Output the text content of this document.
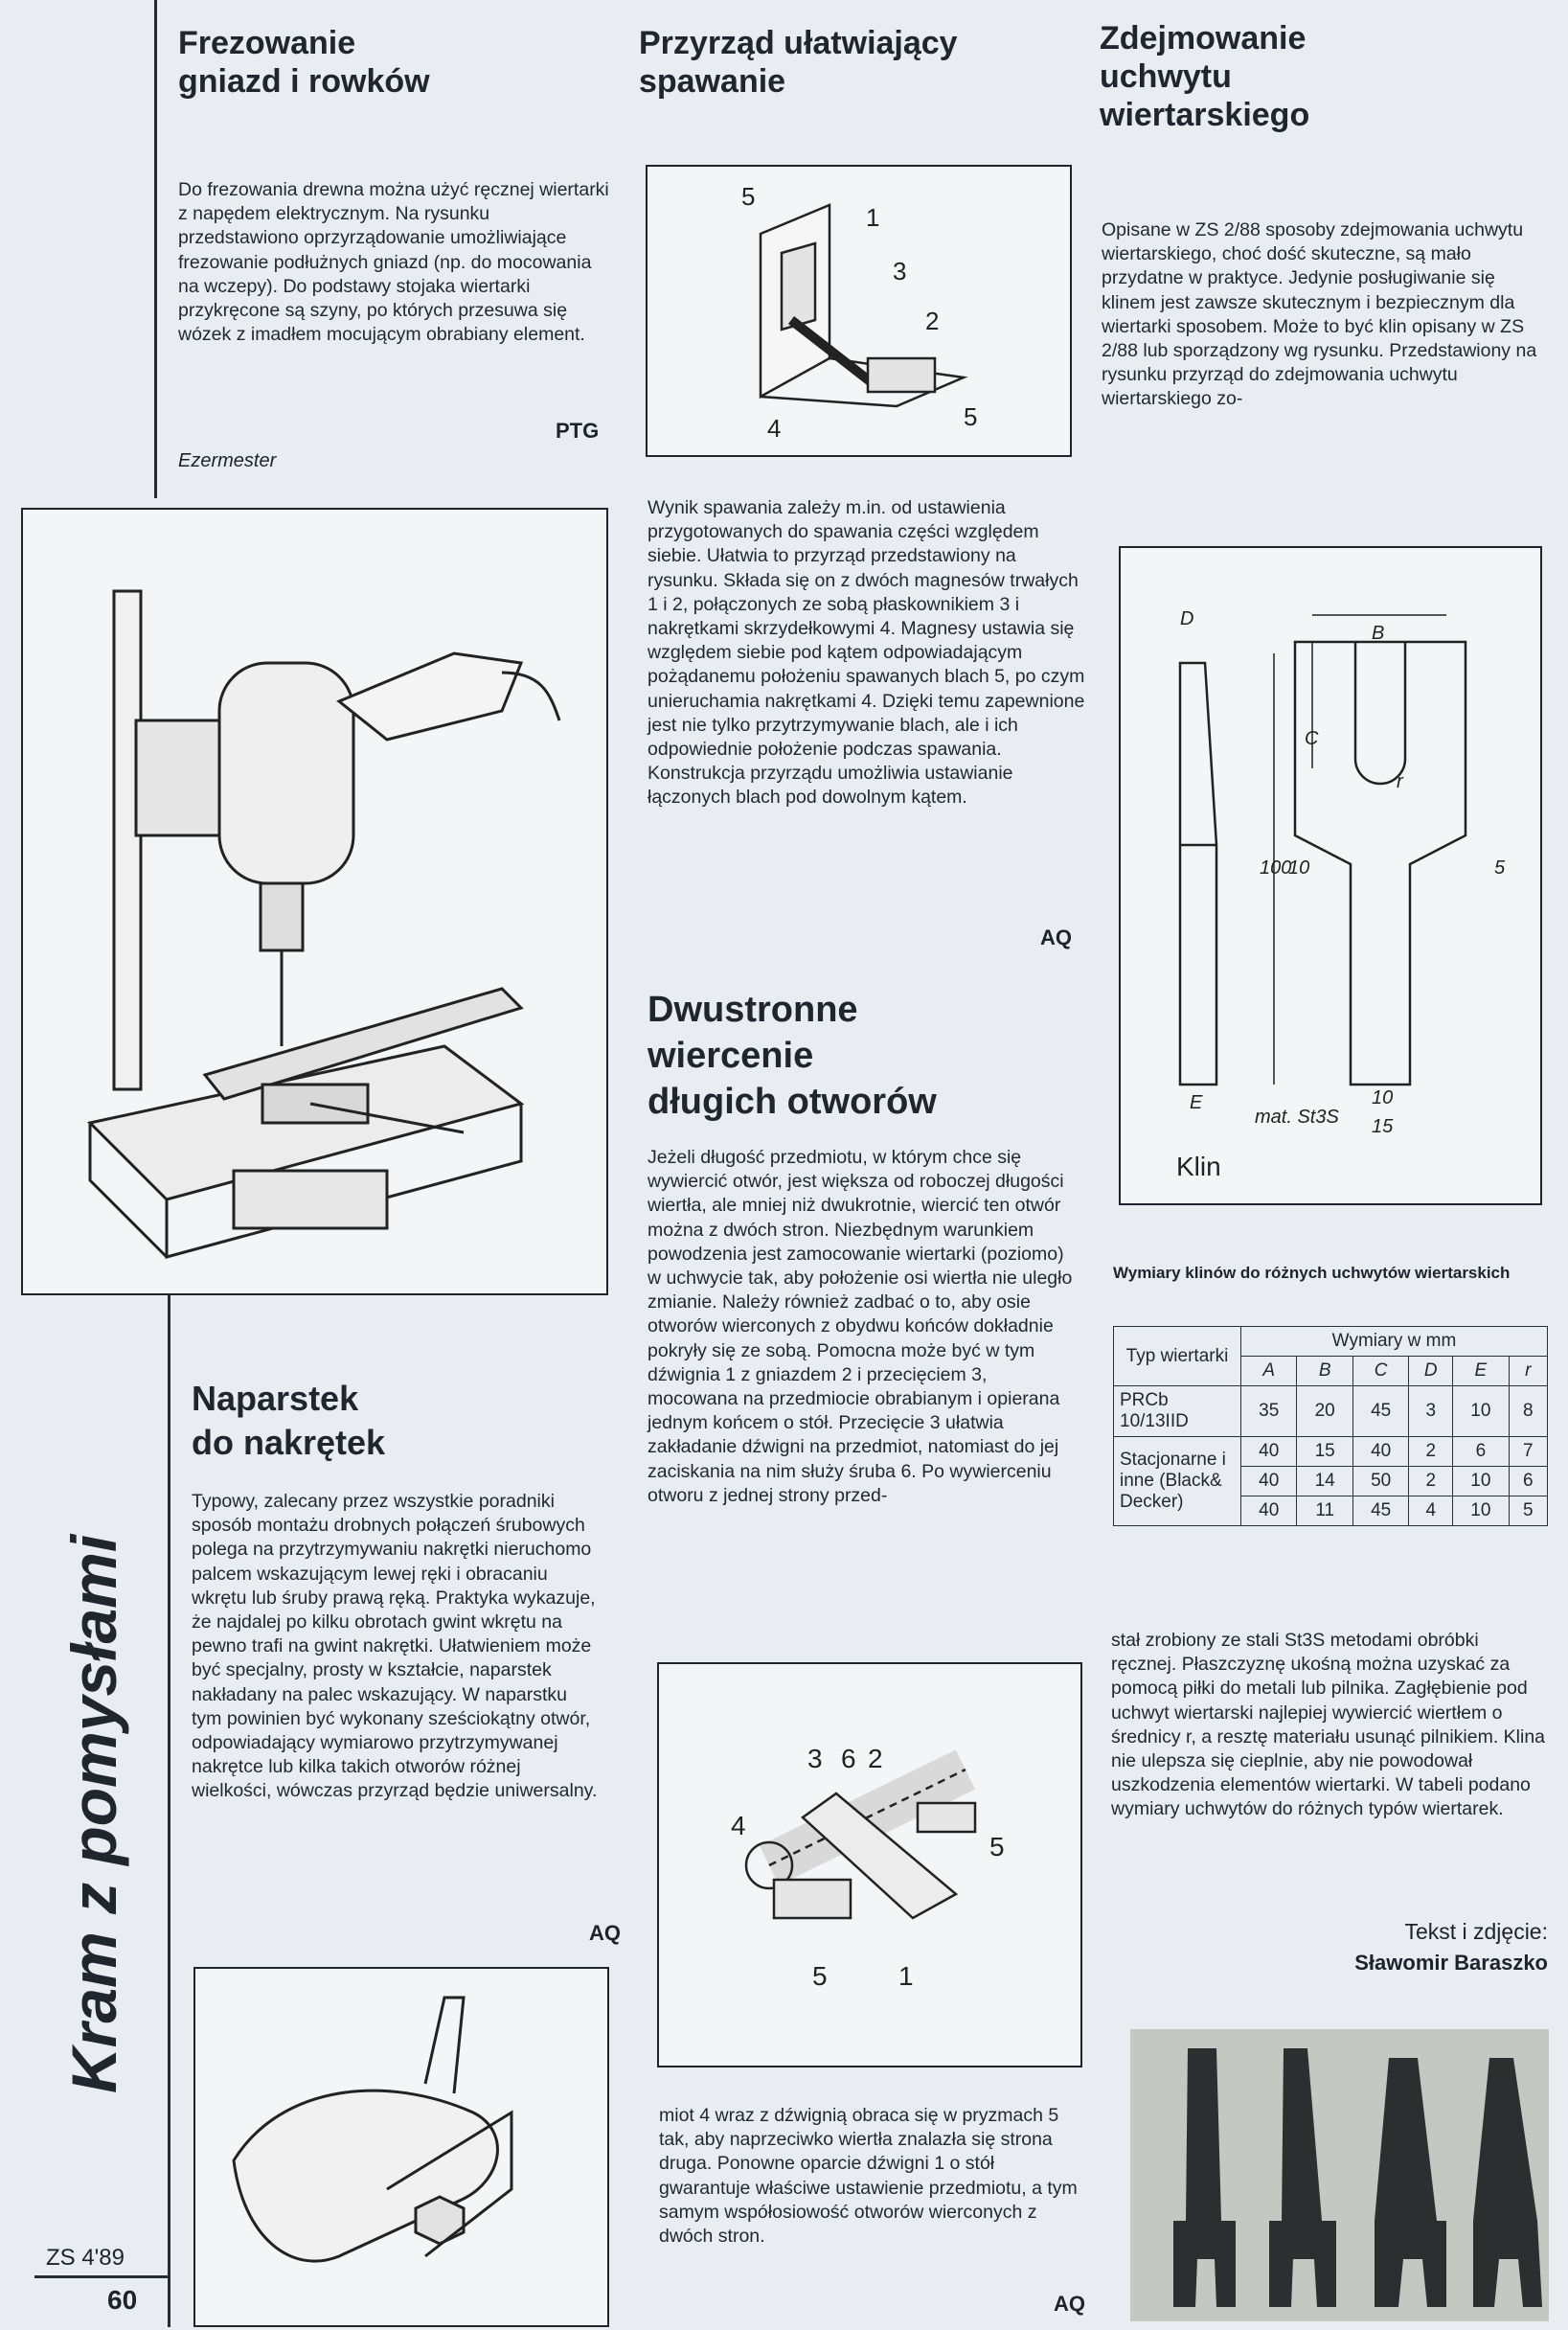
Kram z pomysłami
ZS 4'89
60
Frezowanie
gniazd i rowków

Do frezowania drewna można użyć ręcznej wiertarki z napędem elektrycznym. Na rysunku przedstawiono oprzyrządowanie umożliwiające frezowanie podłużnych gniazd (np. do mocowania na wczepy). Do podstawy stojaka wiertarki przykręcone są szyny, po których przesuwa się wózek z imadłem mocującym obrabiany element.

PTG
Ezermester
Przyrząd ułatwiający
spawanie
5
1
3
2
4	5

Wynik spawania zależy m.in. od ustawienia przygotowanych do spawania części względem siebie. Ułatwia to przyrząd przedstawiony na rysunku. Składa się on z dwóch magnesów trwałych 1 i 2, połączonych ze sobą płaskownikiem 3 i nakrętkami skrzydełkowymi 4. Magnesy ustawia się względem siebie pod kątem odpowiadającym pożądanemu położeniu spawanych blach 5, po czym unieruchamia nakrętkami 4. Dzięki temu zapewnione jest nie tylko przytrzymywanie blach, ale i ich odpowiednie położenie podczas spawania. Konstrukcja przyrządu umożliwia ustawianie łączonych blach pod dowolnym kątem.

AQ
Dwustronne
wiercenie
długich otworów

Jeżeli długość przedmiotu, w którym chce się wywiercić otwór, jest większa od roboczej długości wiertła, ale mniej niż dwukrotnie, wiercić ten otwór można z dwóch stron. Niezbędnym warunkiem powodzenia jest zamocowanie wiertarki (poziomo) w uchwycie tak, aby położenie osi wiertła nie uległo zmianie. Należy również zadbać o to, aby osie otworów wierconych z obydwu końców dokładnie pokryły się ze sobą. Pomocna może być w tym dźwignia 1 z gniazdem 2 i przecięciem 3, mocowana na przedmiocie obrabianym i opierana jednym końcem o stół. Przecięcie 3 ułatwia zakładanie dźwigni na przedmiot, natomiast do jej zaciskania na nim służy śruba 6. Po wywierceniu otworu z jednej strony przed-

3 6 2
4
5
5	1

miot 4 wraz z dźwignią obraca się w pryzmach 5 tak, aby naprzeciwko wiertła znalazła się strona druga. Ponowne oparcie dźwigni 1 o stół gwarantuje właściwe ustawienie przedmiotu, a tym samym współosiowość otworów wierconych z dwóch stron.

AQ
Naparstek
do nakrętek

Typowy, zalecany przez wszystkie poradniki sposób montażu drobnych połączeń śrubowych polega na przytrzymywaniu nakrętki nieruchomo palcem wskazującym lewej ręki i obracaniu wkrętu lub śruby prawą ręką. Praktyka wykazuje, że najdalej po kilku obrotach gwint wkrętu na pewno trafi na gwint nakrętki. Ułatwieniem może być specjalny, prosty w kształcie, naparstek nakładany na palec wskazujący. W naparstku tym powinien być wykonany sześciokątny otwór, odpowiadający wymiarowo przytrzymywanej nakrętce lub kilka takich otworów różnej wielkości, wówczas przyrząd będzie uniwersalny.

AQ
Zdejmowanie
uchwytu
wiertarskiego

Opisane w ZS 2/88 sposoby zdejmowania uchwytu wiertarskiego, choć dość skuteczne, są mało przydatne w praktyce. Jedynie posługiwanie się klinem jest zawsze skutecznym i bezpiecznym dla wiertarki sposobem. Może to być klin opisany w ZS 2/88 lub sporządzony wg rysunku. Przedstawiony na rysunku przyrząd do zdejmowania uchwytu wiertarskiego zo-

D
B
C
r
100
10	5
E	10
15
mat. St3S
Klin
Wymiary klinów do różnych uchwytów wiertarskich
Typ wiertarki	Wymiary w mm					
	A	B	C	D	E	r
PRCb 10/13IID	35	20	45	3	10	8
Stacjonarne i inne (Black& Decker)	40	15	40	2	6	7
	40	14	50	2	10	6
	40	11	45	4	10	5

stał zrobiony ze stali St3S metodami obróbki ręcznej. Płaszczyznę ukośną można uzyskać za pomocą piłki do metali lub pilnika. Zagłębienie pod uchwyt wiertarski najlepiej wywiercić wiertłem o średnicy r, a resztę materiału usunąć pilnikiem. Klina nie ulepsza się cieplnie, aby nie powodował uszkodzenia elementów wiertarki. W tabeli podano wymiary uchwytów do różnych typów wiertarek.

Tekst i zdjęcie:
Sławomir Baraszko
